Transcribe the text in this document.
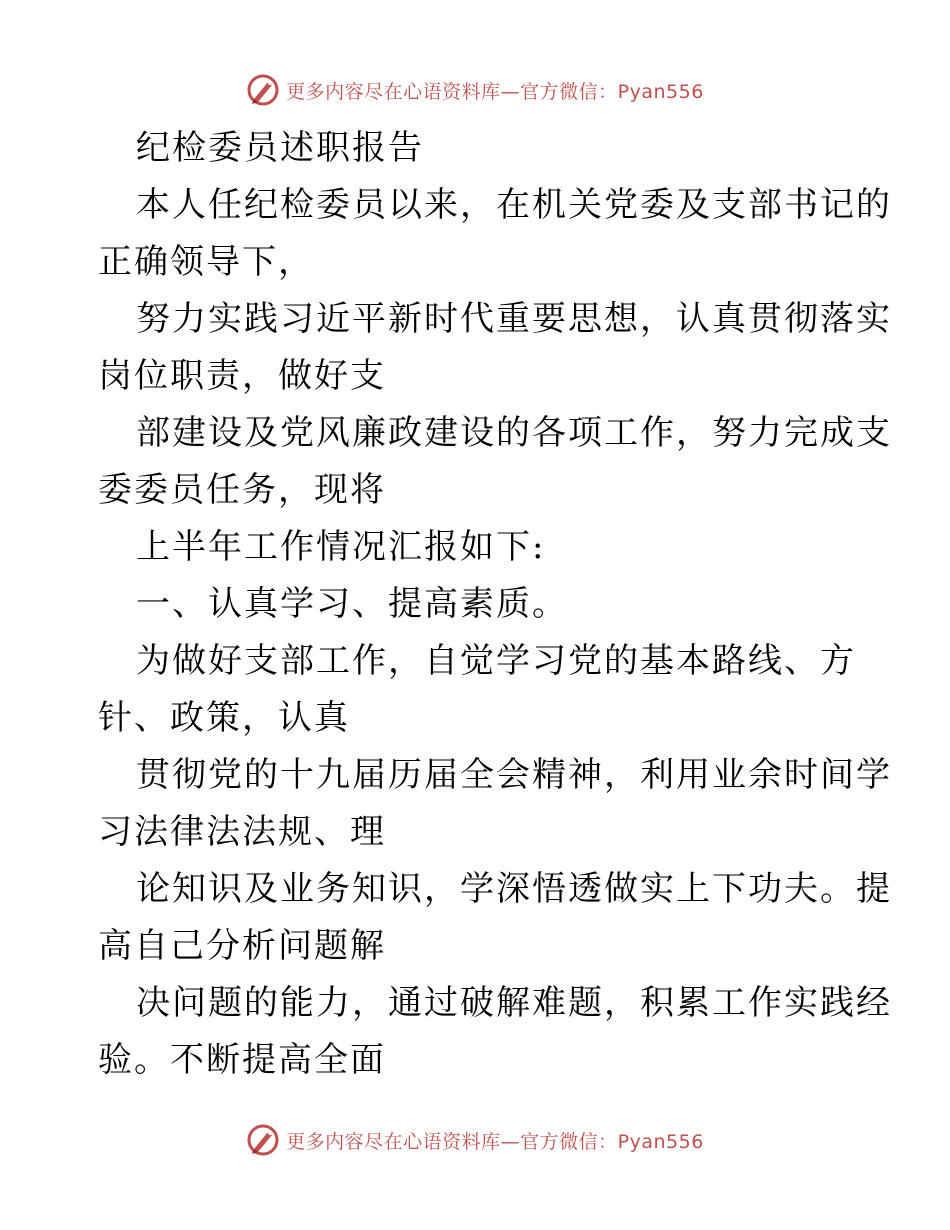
更多内容尽在心语资料库—官方微信：Pyan556
纪检委员述职报告
本人任纪检委员以来，在机关党委及支部书记的
正确领导下，
努力实践习近平新时代重要思想，认真贯彻落实
岗位职责，做好支
部建设及党风廉政建设的各项工作，努力完成支
委委员任务，现将
上半年工作情况汇报如下:
一、认真学习、提高素质。
为做好支部工作，自觉学习党的基本路线、方
针、政策，认真
贯彻党的十九届历届全会精神，利用业余时间学
习法律法法规、理
论知识及业务知识，学深悟透做实上下功夫。提
高自己分析问题解
决问题的能力，通过破解难题，积累工作实践经
验。不断提高全面
更多内容尽在心语资料库—官方微信：Pyan556
